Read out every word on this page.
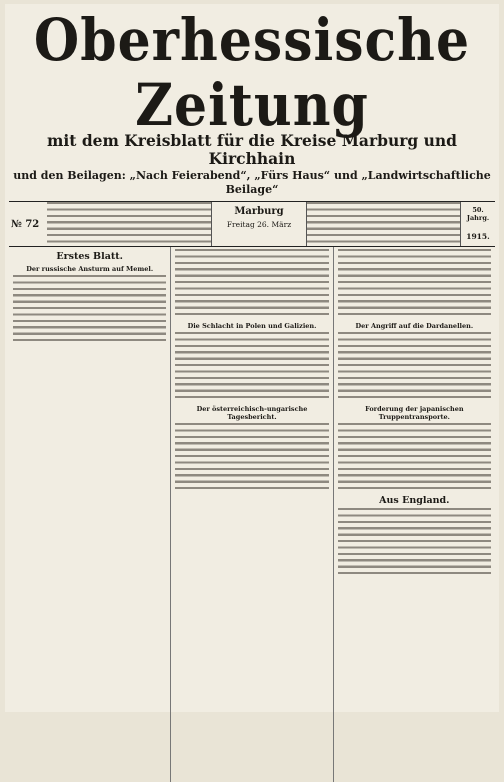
Oberhessische Zeitung
mit dem Kreisblatt für die Kreise Marburg und Kirchhain
und den Beilagen: „Nach Feierabend“, „Fürs Haus“ und „Landwirtschaftliche Beilage“
№ 72
Marburg
Freitag 26. März
50. Jahrg.
1915.
Erstes Blatt.
Der russische Ansturm auf Memel.
Die Schlacht in Polen und Galizien.
Der österreichisch-ungarische Tagesbericht.
Der Angriff auf die Dardanellen.
Forderung der japanischen Truppentransporte.
Aus England.
